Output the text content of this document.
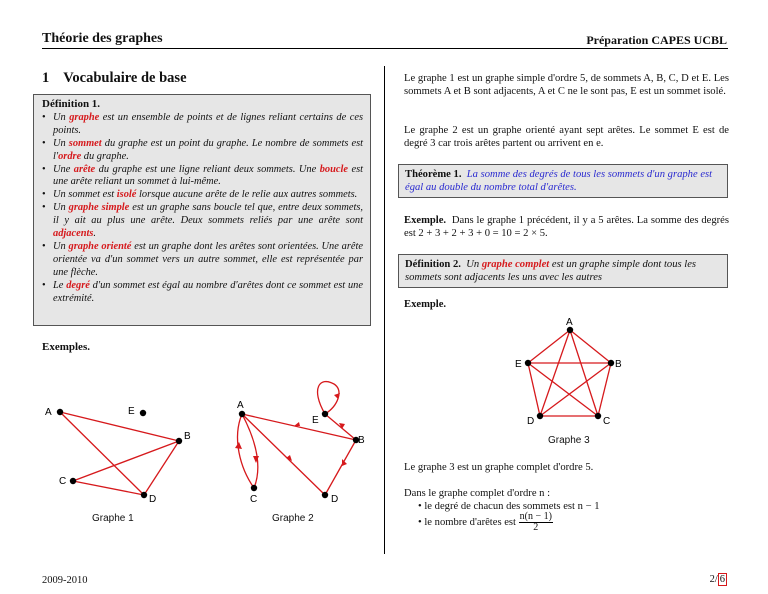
Théorie des graphes	Préparation CAPES UCBL
1 Vocabulaire de base
Définition 1.
• Un graphe est un ensemble de points et de lignes reliant certains de ces points.
• Un sommet du graphe est un point du graphe. Le nombre de sommets est l'ordre du graphe.
• Une arête du graphe est une ligne reliant deux sommets. Une boucle est une arête reliant un sommet à lui-même.
• Un sommet est isolé lorsque aucune arête de le relie aux autres sommets.
• Un graphe simple est un graphe sans boucle tel que, entre deux sommets, il y ait au plus une arête. Deux sommets reliés par une arête sont adjacents.
• Un graphe orienté est un graphe dont les arêtes sont orientées. Une arête orientée va d'un sommet vers un autre sommet, elle est représentée par une flèche.
• Le degré d'un sommet est égal au nombre d'arêtes dont ce sommet est une extrémité.
Exemples.
A
B
C
D
E
Graphe 1
A
B
C	D
E
Graphe 2
Le graphe 1 est un graphe simple d'ordre 5, de sommets A, B, C, D et E. Les sommets A et B sont adjacents, A et C ne le sont pas, E est un sommet isolé.
Le graphe 2 est un graphe orienté ayant sept arêtes. Le sommet E est de degré 3 car trois arêtes partent ou arrivent en e.
Théorème 1. La somme des degrés de tous les sommets d'un graphe est égal au double du nombre total d'arêtes.
Exemple. Dans le graphe 1 précédent, il y a 5 arêtes. La somme des degrés est 2 + 3 + 2 + 3 + 0 = 10 = 2 × 5.
Définition 2. Un graphe complet est un graphe simple dont tous les sommets sont adjacents les uns avec les autres
Exemple.
A
B
C
D
E
Graphe 3
Le graphe 3 est un graphe complet d'ordre 5.
Dans le graphe complet d'ordre n :
• le degré de chacun des sommets est n − 1
• le nombre d'arêtes est $\frac{n(n - 1)}{2}$
2009-2010	2/ 6
